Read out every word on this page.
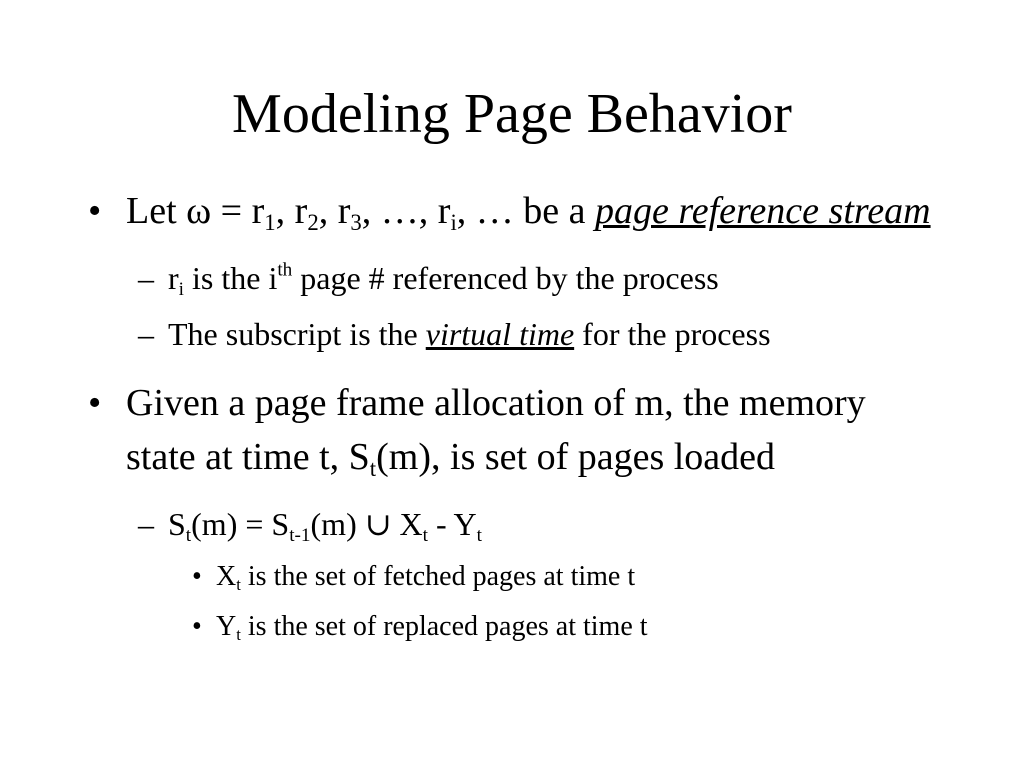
Modeling Page Behavior
• Let $\omega = r_1$, $r_2$, $r_3$, …, $r_i$, … be a page reference stream
– $r_i$ is the $i^{th}$ page # referenced by the process
– The subscript is the virtual time for the process
• Given a page frame allocation of m, the memory state at time t, $S_t(m)$, is set of pages loaded
– $S_t(m) = S_{t-1}(m)$ ∪ $X_t - Y_t$
• $X_t$ is the set of fetched pages at time t
• $Y_t$ is the set of replaced pages at time t
